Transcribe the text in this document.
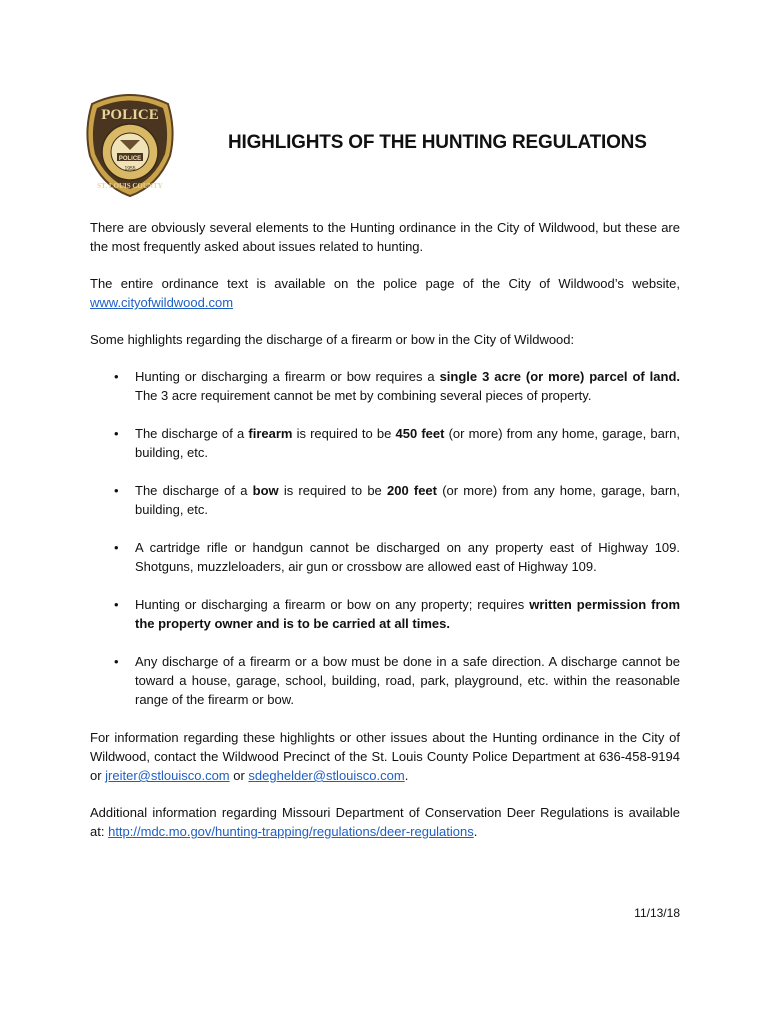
POLICE
POLICE
1955
ST. LOUIS COUNTY
HIGHLIGHTS OF THE HUNTING REGULATIONS

There are obviously several elements to the Hunting ordinance in the City of Wildwood, but these are the most frequently asked about issues related to hunting.

The entire ordinance text is available on the police page of the City of Wildwood’s website, www.cityofwildwood.com

Some highlights regarding the discharge of a firearm or bow in the City of Wildwood:

• Hunting or discharging a firearm or bow requires a single 3 acre (or more) parcel of land. The 3 acre requirement cannot be met by combining several pieces of property.
• The discharge of a firearm is required to be 450 feet (or more) from any home, garage, barn, building, etc.
• The discharge of a bow is required to be 200 feet (or more) from any home, garage, barn, building, etc.
• A cartridge rifle or handgun cannot be discharged on any property east of Highway 109. Shotguns, muzzleloaders, air gun or crossbow are allowed east of Highway 109.
• Hunting or discharging a firearm or bow on any property; requires written permission from the property owner and is to be carried at all times.
• Any discharge of a firearm or a bow must be done in a safe direction. A discharge cannot be toward a house, garage, school, building, road, park, playground, etc. within the reasonable range of the firearm or bow.

For information regarding these highlights or other issues about the Hunting ordinance in the City of Wildwood, contact the Wildwood Precinct of the St. Louis County Police Department at 636-458-9194 or jreiter@stlouisco.com or sdeghelder@stlouisco.com.

Additional information regarding Missouri Department of Conservation Deer Regulations is available at: http://mdc.mo.gov/hunting-trapping/regulations/deer-regulations.

11/13/18
